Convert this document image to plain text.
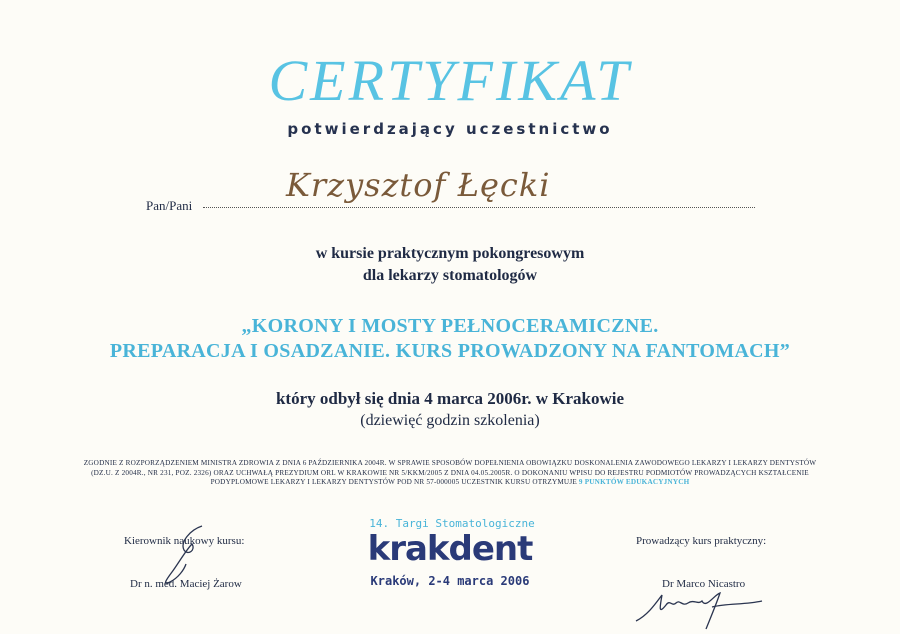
CERTYFIKAT
potwierdzający uczestnictwo
Pan/Pani
Krzysztof Łęcki
w kursie praktycznym pokongresowym
dla lekarzy stomatologów
„KORONY I MOSTY PEŁNOCERAMICZNE.
PREPARACJA I OSADZANIE. KURS PROWADZONY NA FANTOMACH”
który odbył się dnia 4 marca 2006r. w Krakowie
(dziewięć godzin szkolenia)
ZGODNIE Z ROZPORZĄDZENIEM MINISTRA ZDROWIA Z DNIA 6 PAŹDZIERNIKA 2004R. W SPRAWIE SPOSOBÓW DOPEŁNIENIA OBOWIĄZKU DOSKONALENIA ZAWODOWEGO LEKARZY I LEKARZY DENTYSTÓW (DZ.U. Z 2004R., NR 231, POZ. 2326) ORAZ UCHWAŁĄ PREZYDIUM ORL W KRAKOWIE NR 5/KKM/2005 Z DNIA 04.05.2005R. O DOKONANIU WPISU DO REJESTRU PODMIOTÓW PROWADZĄCYCH KSZTAŁCENIE PODYPLOMOWE LEKARZY I LEKARZY DENTYSTÓW POD NR 57-000005 UCZESTNIK KURSU OTRZYMUJE 9 PUNKTÓW EDUKACYJNYCH
Kierownik naukowy kursu:
Dr n. med. Maciej Żarow
14. Targi Stomatologiczne
krakdent
Kraków, 2-4 marca 2006
Prowadzący kurs praktyczny:
Dr Marco Nicastro
